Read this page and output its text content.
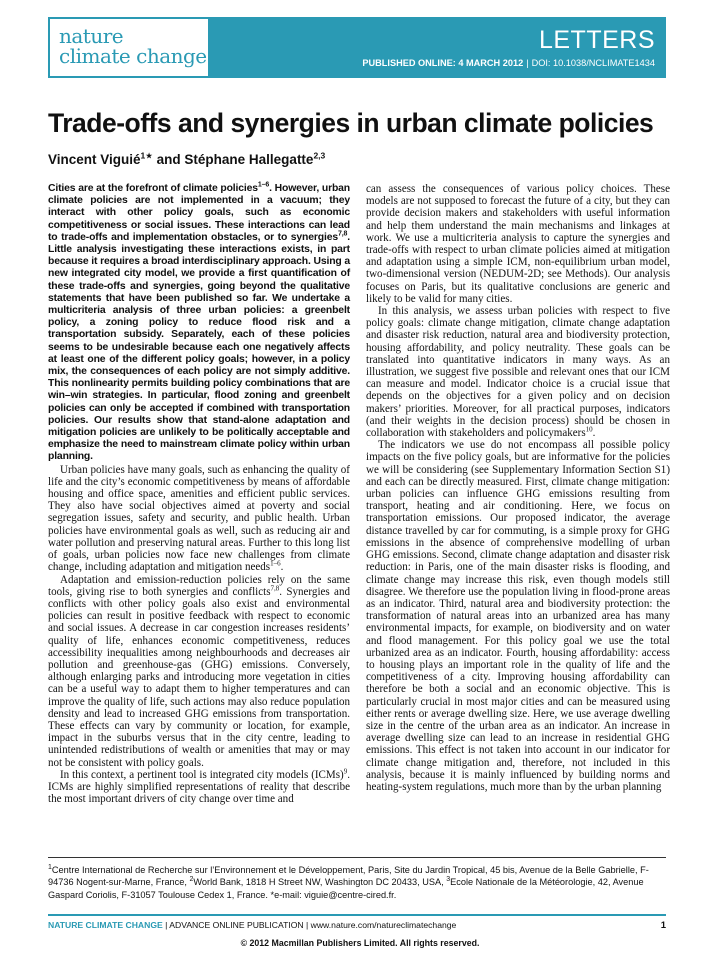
nature
climate change
LETTERS
PUBLISHED ONLINE: 4 MARCH 2012 | DOI: 10.1038/NCLIMATE1434
Trade-offs and synergies in urban climate policies

Vincent Viguié$^{1★}$ and Stéphane Hallegatte$^{2,3}$

Cities are at the forefront of climate policies$^{1-6}$. However, urban climate policies are not implemented in a vacuum; they interact with other policy goals, such as economic competitiveness or social issues. These interactions can lead to trade-offs and implementation obstacles, or to synergies$^{7,8}$. Little analysis investigating these interactions exists, in part because it requires a broad interdisciplinary approach. Using a new integrated city model, we provide a first quantification of these trade-offs and synergies, going beyond the qualitative statements that have been published so far. We undertake a multicriteria analysis of three urban policies: a greenbelt policy, a zoning policy to reduce flood risk and a transportation subsidy. Separately, each of these policies seems to be undesirable because each one negatively affects at least one of the different policy goals; however, in a policy mix, the consequences of each policy are not simply additive. This nonlinearity permits building policy combinations that are win–win strategies. In particular, flood zoning and greenbelt policies can only be accepted if combined with transportation policies. Our results show that stand-alone adaptation and mitigation policies are unlikely to be politically acceptable and emphasize the need to mainstream climate policy within urban planning.

Urban policies have many goals, such as enhancing the quality of life and the city’s economic competitiveness by means of affordable housing and office space, amenities and efficient public services. They also have social objectives aimed at poverty and social segregation issues, safety and security, and public health. Urban policies have environmental goals as well, such as reducing air and water pollution and preserving natural areas. Further to this long list of goals, urban policies now face new challenges from climate change, including adaptation and mitigation needs$^{1-6}$.

Adaptation and emission-reduction policies rely on the same tools, giving rise to both synergies and conflicts$^{7,8}$. Synergies and conflicts with other policy goals also exist and environmental policies can result in positive feedback with respect to economic and social issues. A decrease in car congestion increases residents’ quality of life, enhances economic competitiveness, reduces accessibility inequalities among neighbourhoods and decreases air pollution and greenhouse-gas (GHG) emissions. Conversely, although enlarging parks and introducing more vegetation in cities can be a useful way to adapt them to higher temperatures and can improve the quality of life, such actions may also reduce population density and lead to increased GHG emissions from transportation. These effects can vary by community or location, for example, impact in the suburbs versus that in the city centre, leading to unintended redistributions of wealth or amenities that may or may not be consistent with policy goals.

In this context, a pertinent tool is integrated city models (ICMs)$^9$. ICMs are highly simplified representations of reality that describe the most important drivers of city change over time and

can assess the consequences of various policy choices. These models are not supposed to forecast the future of a city, but they can provide decision makers and stakeholders with useful information and help them understand the main mechanisms and linkages at work. We use a multicriteria analysis to capture the synergies and trade-offs with respect to urban climate policies aimed at mitigation and adaptation using a simple ICM, non-equilibrium urban model, two-dimensional version (NEDUM-2D; see Methods). Our analysis focuses on Paris, but its qualitative conclusions are generic and likely to be valid for many cities.

In this analysis, we assess urban policies with respect to five policy goals: climate change mitigation, climate change adaptation and disaster risk reduction, natural area and biodiversity protection, housing affordability, and policy neutrality. These goals can be translated into quantitative indicators in many ways. As an illustration, we suggest five possible and relevant ones that our ICM can measure and model. Indicator choice is a crucial issue that depends on the objectives for a given policy and on decision makers’ priorities. Moreover, for all practical purposes, indicators (and their weights in the decision process) should be chosen in collaboration with stakeholders and policymakers$^{10}$.

The indicators we use do not encompass all possible policy impacts on the five policy goals, but are informative for the policies we will be considering (see Supplementary Information Section S1) and each can be directly measured. First, climate change mitigation: urban policies can influence GHG emissions resulting from transport, heating and air conditioning. Here, we focus on transportation emissions. Our proposed indicator, the average distance travelled by car for commuting, is a simple proxy for GHG emissions in the absence of comprehensive modelling of urban GHG emissions. Second, climate change adaptation and disaster risk reduction: in Paris, one of the main disaster risks is flooding, and climate change may increase this risk, even though models still disagree. We therefore use the population living in flood-prone areas as an indicator. Third, natural area and biodiversity protection: the transformation of natural areas into an urbanized area has many environmental impacts, for example, on biodiversity and on water and flood management. For this policy goal we use the total urbanized area as an indicator. Fourth, housing affordability: access to housing plays an important role in the quality of life and the competitiveness of a city. Improving housing affordability can therefore be both a social and an economic objective. This is particularly crucial in most major cities and can be measured using either rents or average dwelling size. Here, we use average dwelling size in the centre of the urban area as an indicator. An increase in average dwelling size can lead to an increase in residential GHG emissions. This effect is not taken into account in our indicator for climate change mitigation and, therefore, not included in this analysis, because it is mainly influenced by building norms and heating-system regulations, much more than by the urban planning

$^1$Centre International de Recherche sur l’Environnement et le Développement, Paris, Site du Jardin Tropical, 45 bis, Avenue de la Belle Gabrielle, F-94736 Nogent-sur-Marne, France, $^2$World Bank, 1818 H Street NW, Washington DC 20433, USA, $^3$Ecole Nationale de la Météorologie, 42, Avenue Gaspard Coriolis, F-31057 Toulouse Cedex 1, France. *e-mail: viguie@centre-cired.fr.

NATURE CLIMATE CHANGE | ADVANCE ONLINE PUBLICATION | www.nature.com/natureclimatechange	1
© 2012 Macmillan Publishers Limited. All rights reserved.
